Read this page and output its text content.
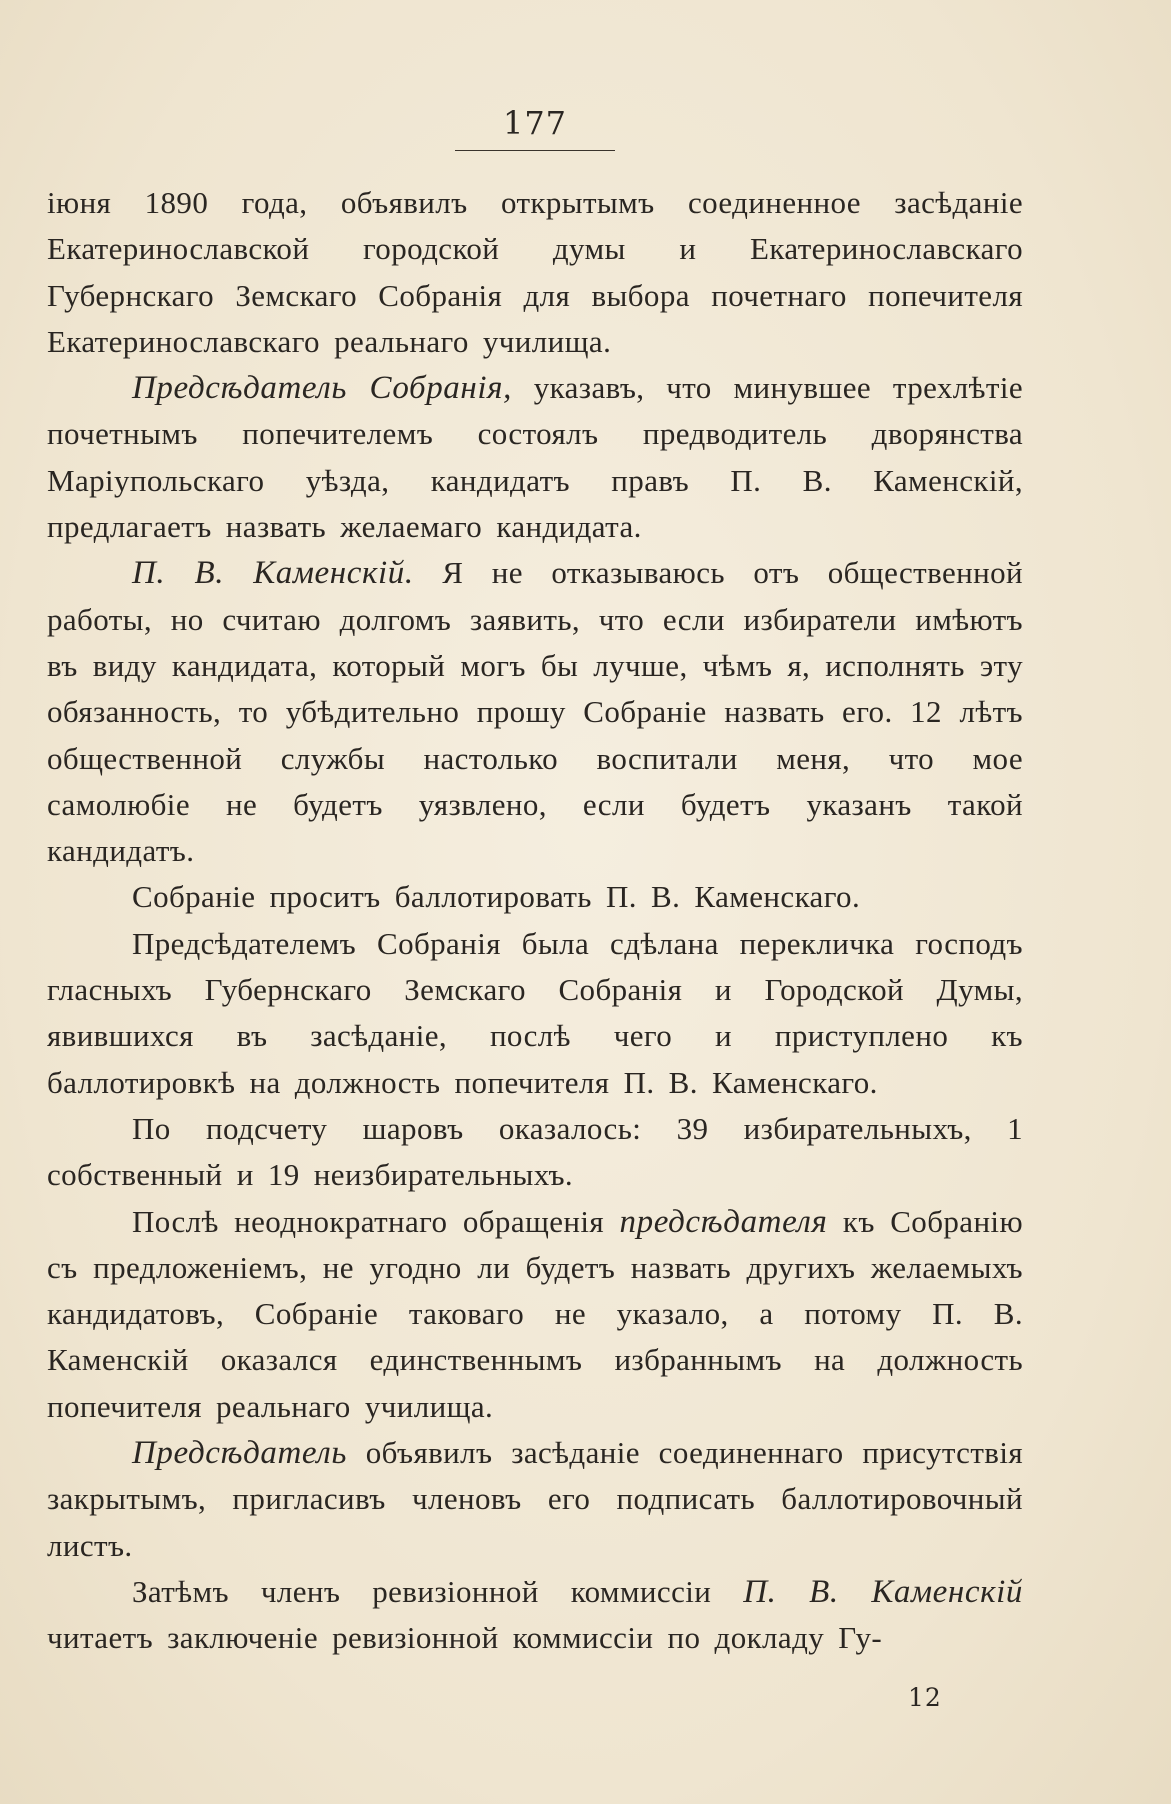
177

іюня 1890 года, объявилъ открытымъ соединенное засѣданіе Екатеринославской городской думы и Екатеринославскаго Губернскаго Земскаго Собранія для выбора почетнаго попечителя Екатеринославскаго реальнаго училища.

Предсѣдатель Собранія, указавъ, что минувшее трехлѣтіе почетнымъ попечителемъ состоялъ предводитель дворянства Маріупольскаго уѣзда, кандидатъ правъ П. В. Каменскій, предлагаетъ назвать желаемаго кандидата.

П. В. Каменскій. Я не отказываюсь отъ общественной работы, но считаю долгомъ заявить, что если избиратели имѣютъ въ виду кандидата, который могъ бы лучше, чѣмъ я, исполнять эту обязанность, то убѣдительно прошу Собраніе назвать его. 12 лѣтъ общественной службы настолько воспитали меня, что мое самолюбіе не будетъ уязвлено, если будетъ указанъ такой кандидатъ.

Собраніе проситъ баллотировать П. В. Каменскаго.

Предсѣдателемъ Собранія была сдѣлана перекличка господъ гласныхъ Губернскаго Земскаго Собранія и Городской Думы, явившихся въ засѣданіе, послѣ чего и приступлено къ баллотировкѣ на должность попечителя П. В. Каменскаго.

По подсчету шаровъ оказалось: 39 избирательныхъ, 1 собственный и 19 неизбирательныхъ.

Послѣ неоднократнаго обращенія предсѣдателя къ Собранію съ предложеніемъ, не угодно ли будетъ назвать другихъ желаемыхъ кандидатовъ, Собраніе таковаго не указало, а потому П. В. Каменскій оказался единственнымъ избраннымъ на должность попечителя реальнаго училища.

Предсѣдатель объявилъ засѣданіе соединеннаго присутствія закрытымъ, пригласивъ членовъ его подписать баллотировочный листъ.

Затѣмъ членъ ревизіонной коммиссіи П. В. Каменскій читаетъ заключеніе ревизіонной коммиссіи по докладу Гу-

12
